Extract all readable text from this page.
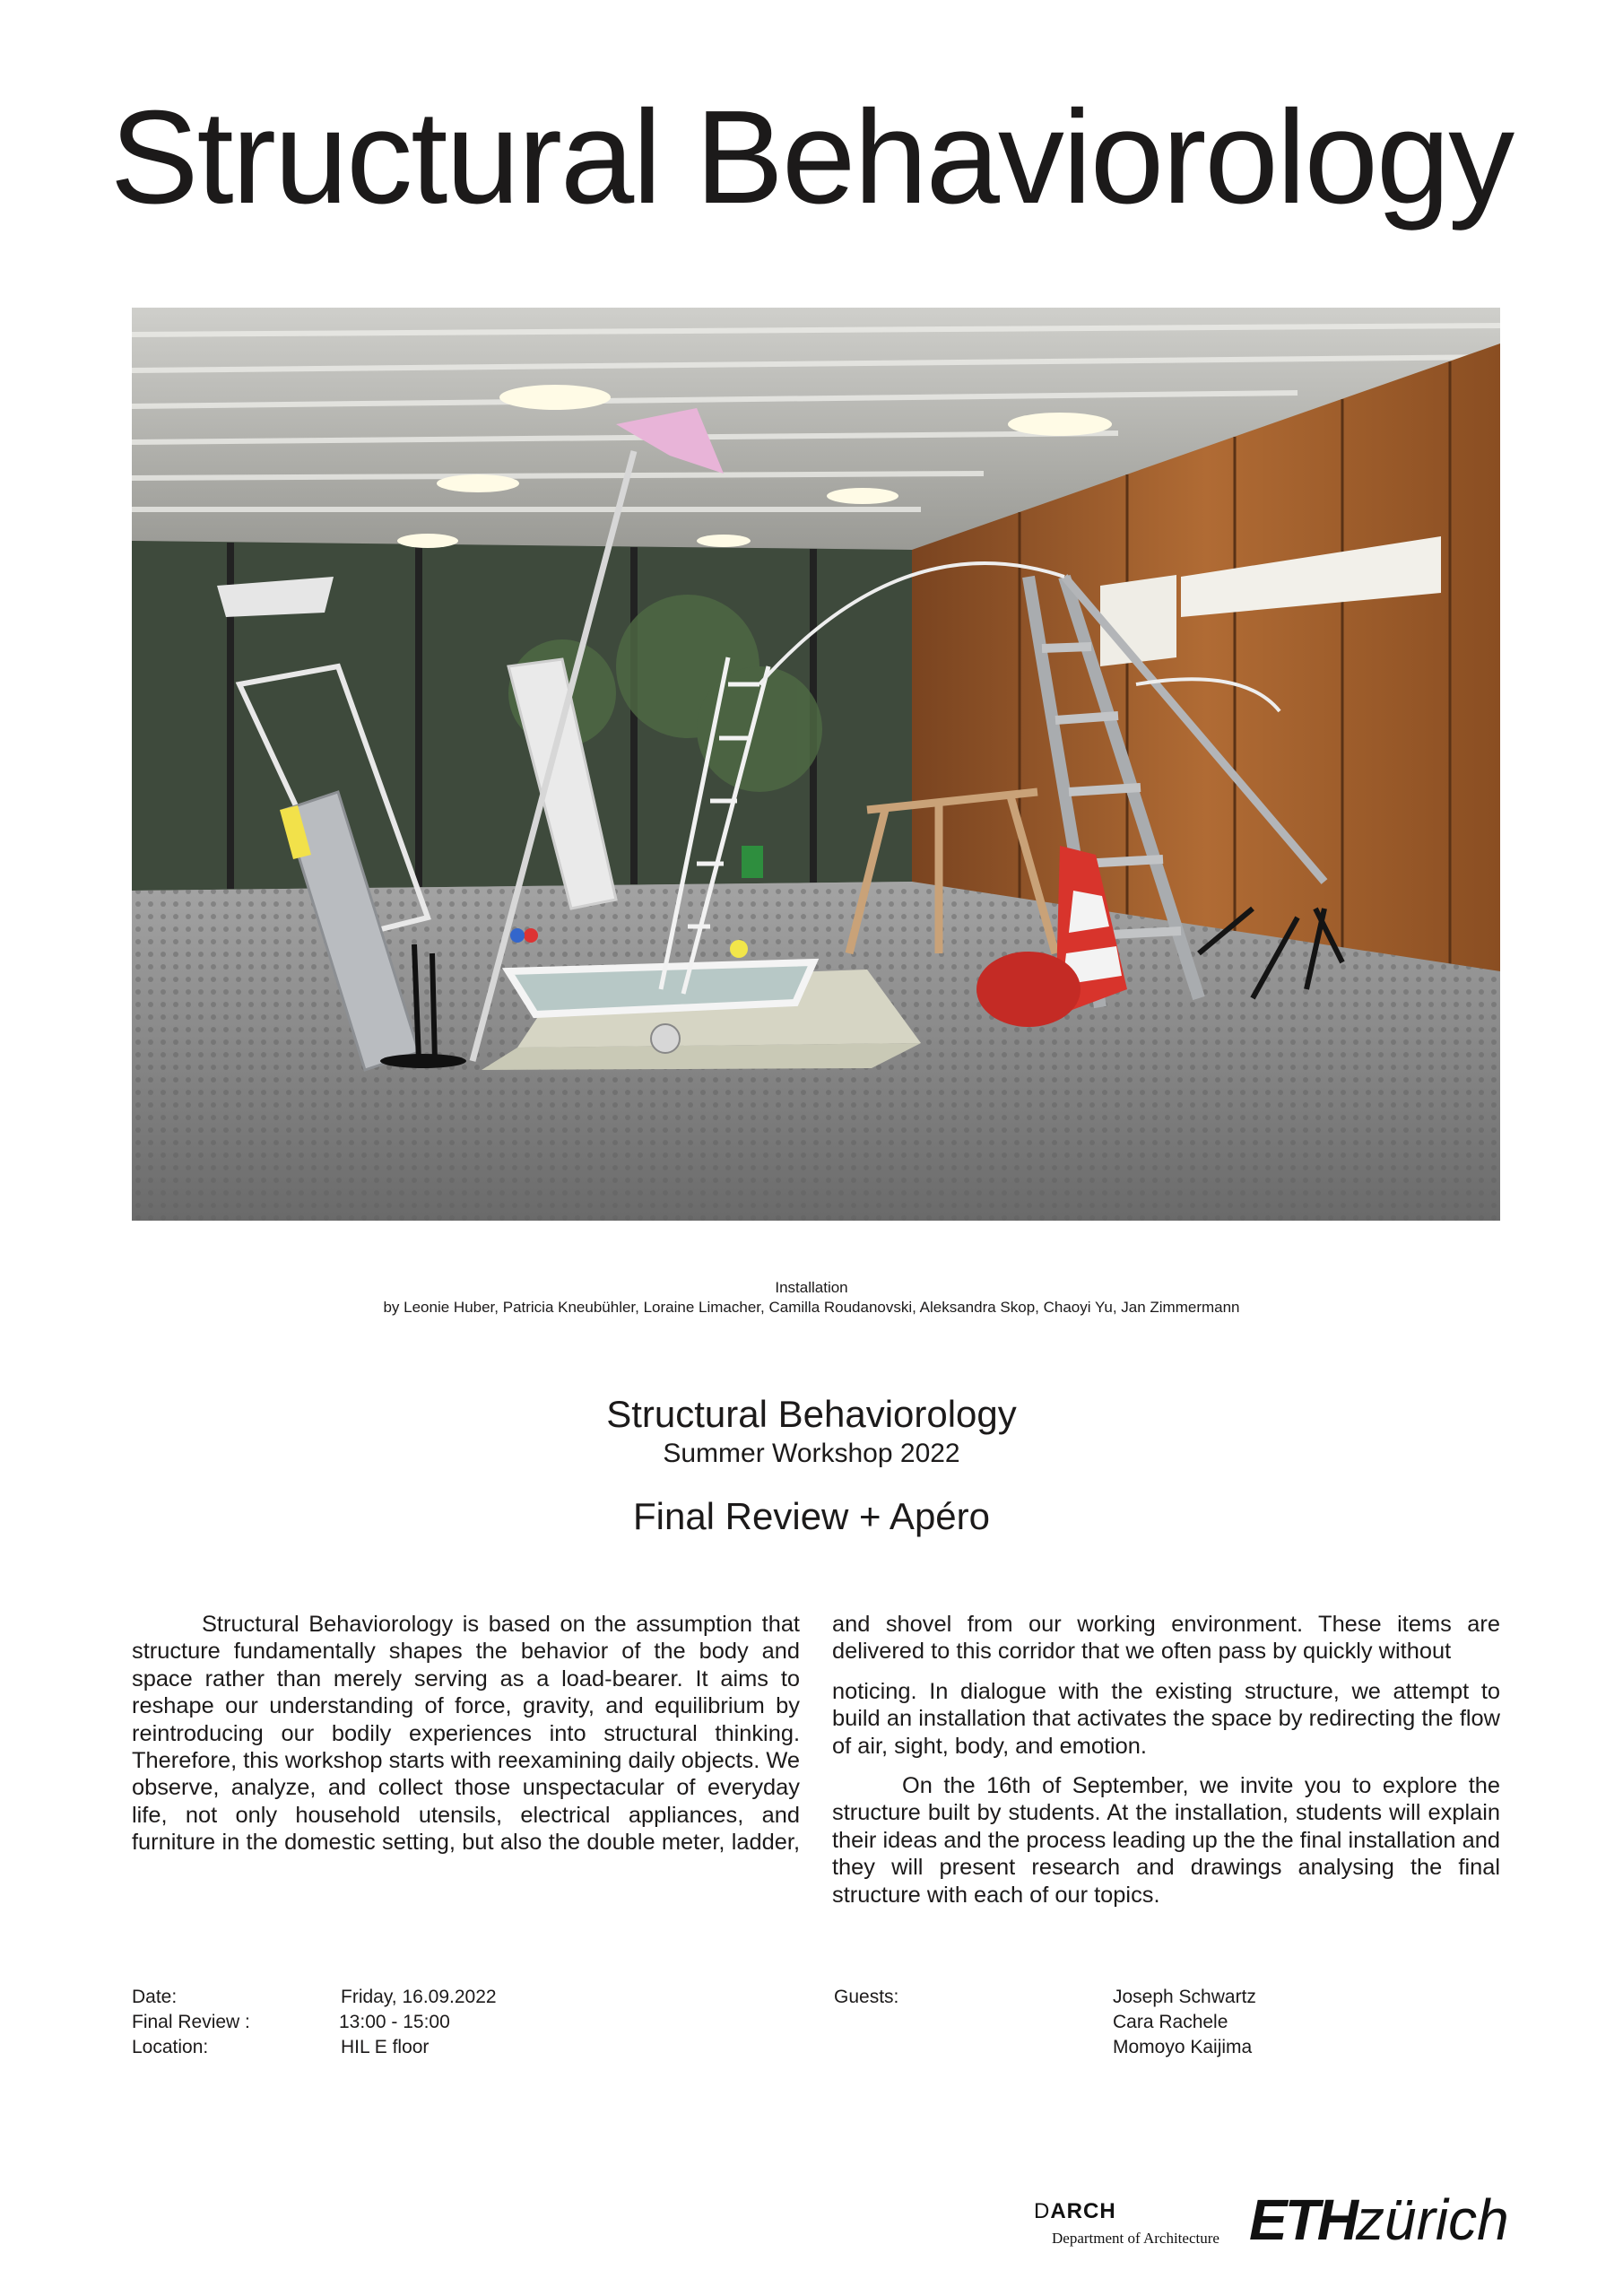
Structural Behaviorology
Installation
by Leonie Huber, Patricia Kneubühler, Loraine Limacher, Camilla Roudanovski, Aleksandra Skop, Chaoyi Yu, Jan Zimmermann
Structural Behaviorology
Summer Workshop 2022
Final Review + Apéro

Structural Behaviorology is based on the assumption that structure fundamentally shapes the behavior of the body and space rather than merely serving as a load-bearer. It aims to reshape our understanding of force, gravity, and equilibrium by reintroducing our bodily experiences into structural thinking. Therefore, this workshop starts with reexamining daily objects. We observe, analyze, and collect those unspectacular of everyday life, not only household utensils, electrical appliances, and furniture in the domestic setting, but also the double meter, ladder, and shovel from our working environment. These items are delivered to this corridor that we often pass by quickly without

noticing. In dialogue with the existing structure, we attempt to build an installation that activates the space by redirecting the flow of air, sight, body, and emotion.

On the 16th of September, we invite you to explore the structure built by students. At the installation, students will explain their ideas and the process leading up the the final installation and they will present research and drawings analysing the final structure with each of our topics.

Date:	Friday, 16.09.2022
Final Review :	13:00 - 15:00
Location:	HIL E floor
Guests:	Joseph Schwartz
Cara Rachele
Momoyo Kaijima
DARCH
Department of Architecture ETHzürich
